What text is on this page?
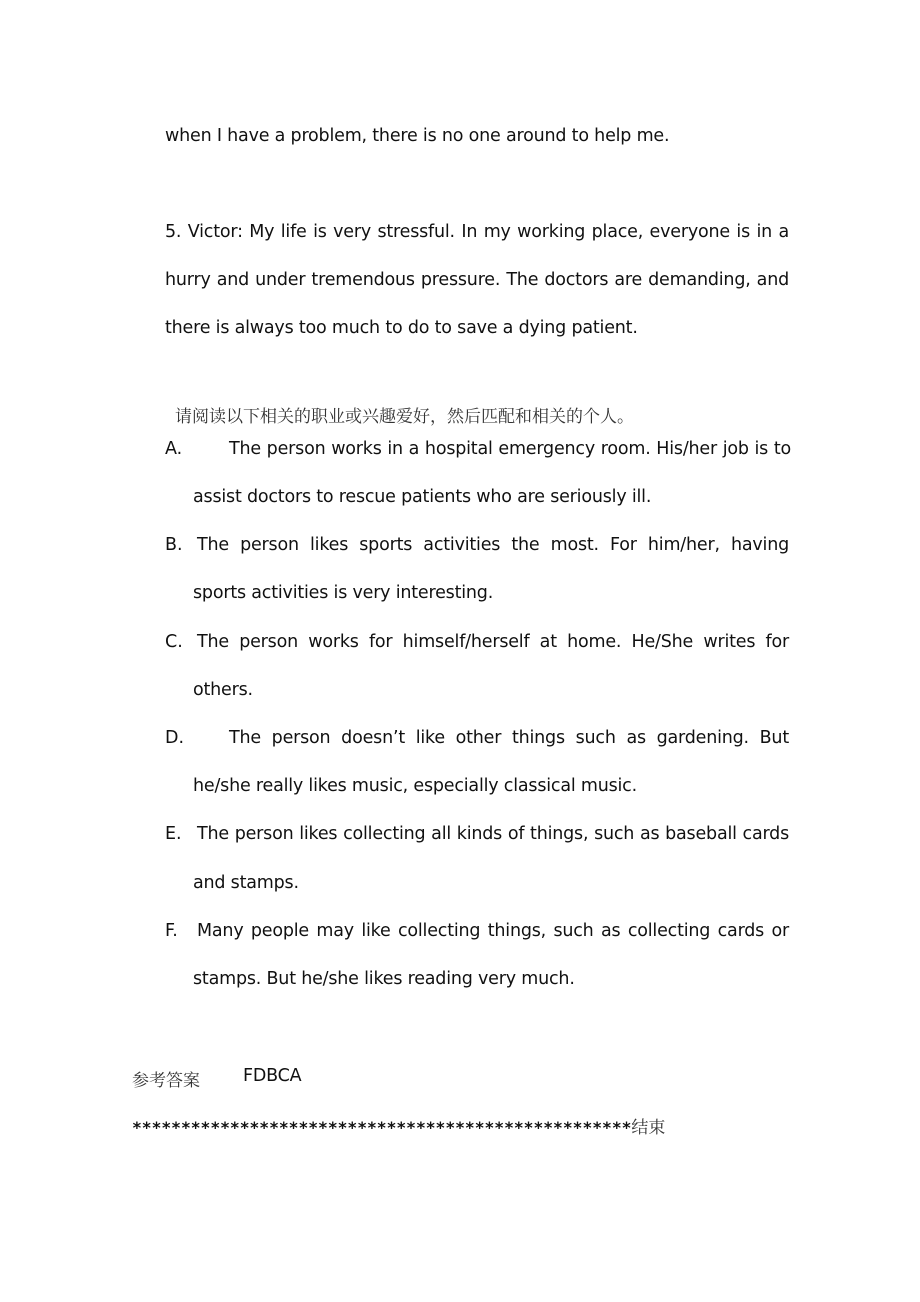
when I have a problem, there is no one around to help me.
5. Victor: My life is very stressful. In my working place, everyone is in a
hurry and under tremendous pressure. The doctors are demanding, and
there is always too much to do to save a dying patient.
请阅读以下相关的职业或兴趣爱好，然后匹配和相关的个人。
A.	The person works in a hospital emergency room. His/her job is to
assist doctors to rescue patients who are seriously ill.
B. The person likes sports activities the most. For him/her, having
sports activities is very interesting.
C. The person works for himself/herself at home. He/She writes for
others.
D.	The person doesn’t like other things such as gardening. But
he/she really likes music, especially classical music.
E. The person likes collecting all kinds of things, such as baseball cards
and stamps.
F. Many people may like collecting things, such as collecting cards or
stamps. But he/she likes reading very much.
参考答案 FDBCA
***************************************************结束
